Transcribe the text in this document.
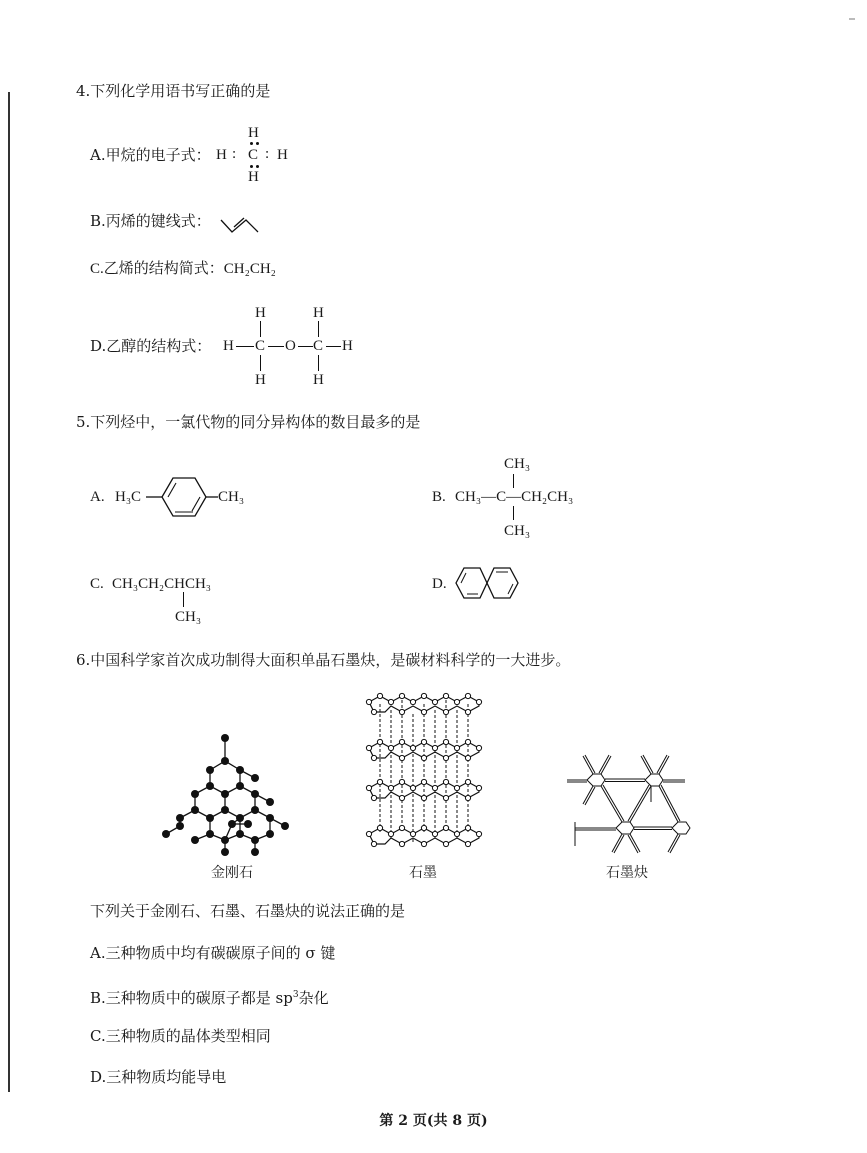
4.下列化学用语书写正确的是
A.甲烷的电子式： H : C : H
H
H
B.丙烯的键线式：
C.乙烯的结构简式：CH₂CH₂
D.乙醇的结构式： H C O C H
H
H
H
H
5.下列烃中，一氯代物的同分异构体的数目最多的是
A. H₃C	CH₃	B.
CH₃
CH₃—C—CH₂CH₃
CH₃
C. CH₃CH₂CHCH₃
CH₃
D.
6.中国科学家首次成功制得大面积单晶石墨炔，是碳材料科学的一大进步。
金刚石	石墨	石墨炔
下列关于金刚石、石墨、石墨炔的说法正确的是
A.三种物质中均有碳碳原子间的 σ 键
B.三种物质中的碳原子都是 $sp^3$杂化
C.三种物质的晶体类型相同
D.三种物质均能导电
第 2 页(共 8 页)
